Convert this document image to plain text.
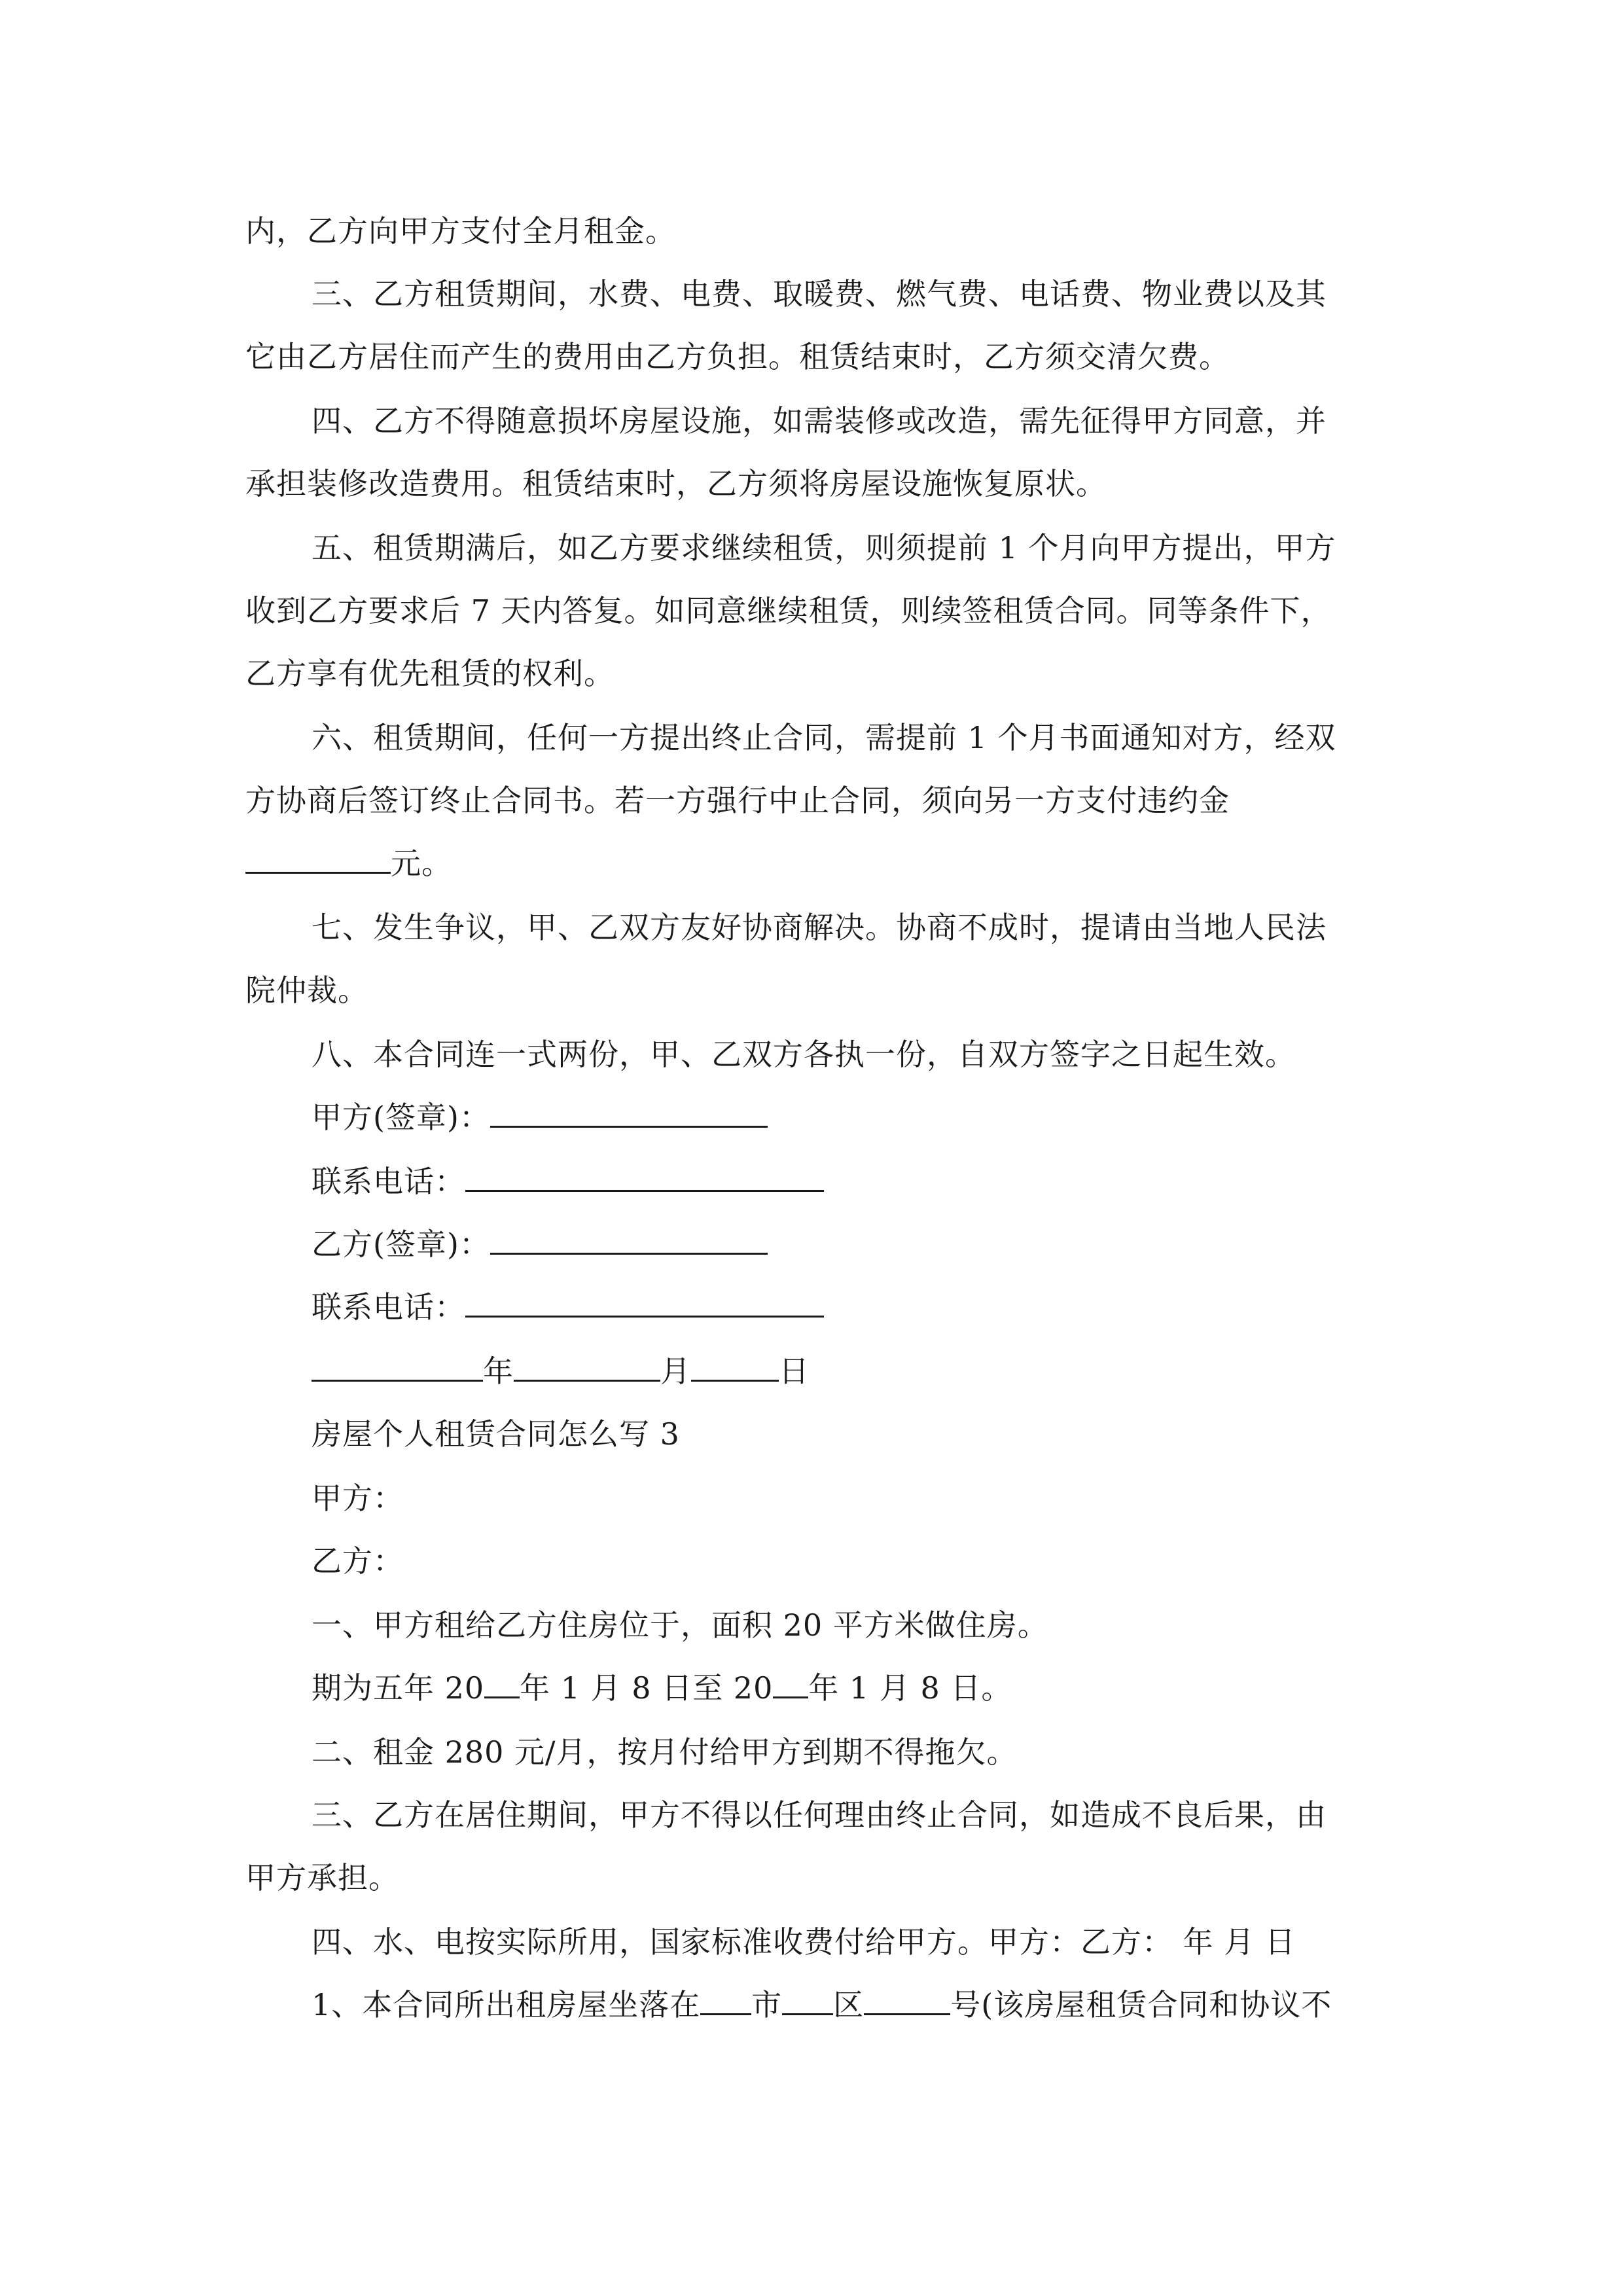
内，乙方向甲方支付全月租金。
三、乙方租赁期间，水费、电费、取暖费、燃气费、电话费、物业费以及其
它由乙方居住而产生的费用由乙方负担。租赁结束时，乙方须交清欠费。
四、乙方不得随意损坏房屋设施，如需装修或改造，需先征得甲方同意，并
承担装修改造费用。租赁结束时，乙方须将房屋设施恢复原状。
五、租赁期满后，如乙方要求继续租赁，则须提前 1 个月向甲方提出，甲方
收到乙方要求后 7 天内答复。如同意继续租赁，则续签租赁合同。同等条件下，
乙方享有优先租赁的权利。
六、租赁期间，任何一方提出终止合同，需提前 1 个月书面通知对方，经双
方协商后签订终止合同书。若一方强行中止合同，须向另一方支付违约金
元。
七、发生争议，甲、乙双方友好协商解决。协商不成时，提请由当地人民法
院仲裁。
八、本合同连一式两份，甲、乙双方各执一份，自双方签字之日起生效。
甲方(签章)：
联系电话：
乙方(签章)：
联系电话：
年	月	日
房屋个人租赁合同怎么写 3
甲方：
乙方：
一、甲方租给乙方住房位于，面积 20 平方米做住房。
期为五年 20 年 1 月 8 日至 20 年 1 月 8 日。
二、租金 280 元/月，按月付给甲方到期不得拖欠。
三、乙方在居住期间，甲方不得以任何理由终止合同，如造成不良后果，由
甲方承担。
四、水、电按实际所用，国家标准收费付给甲方。甲方：乙方： 年 月 日
1、本合同所出租房屋坐落在 市 区	号(该房屋租赁合同和协议不
